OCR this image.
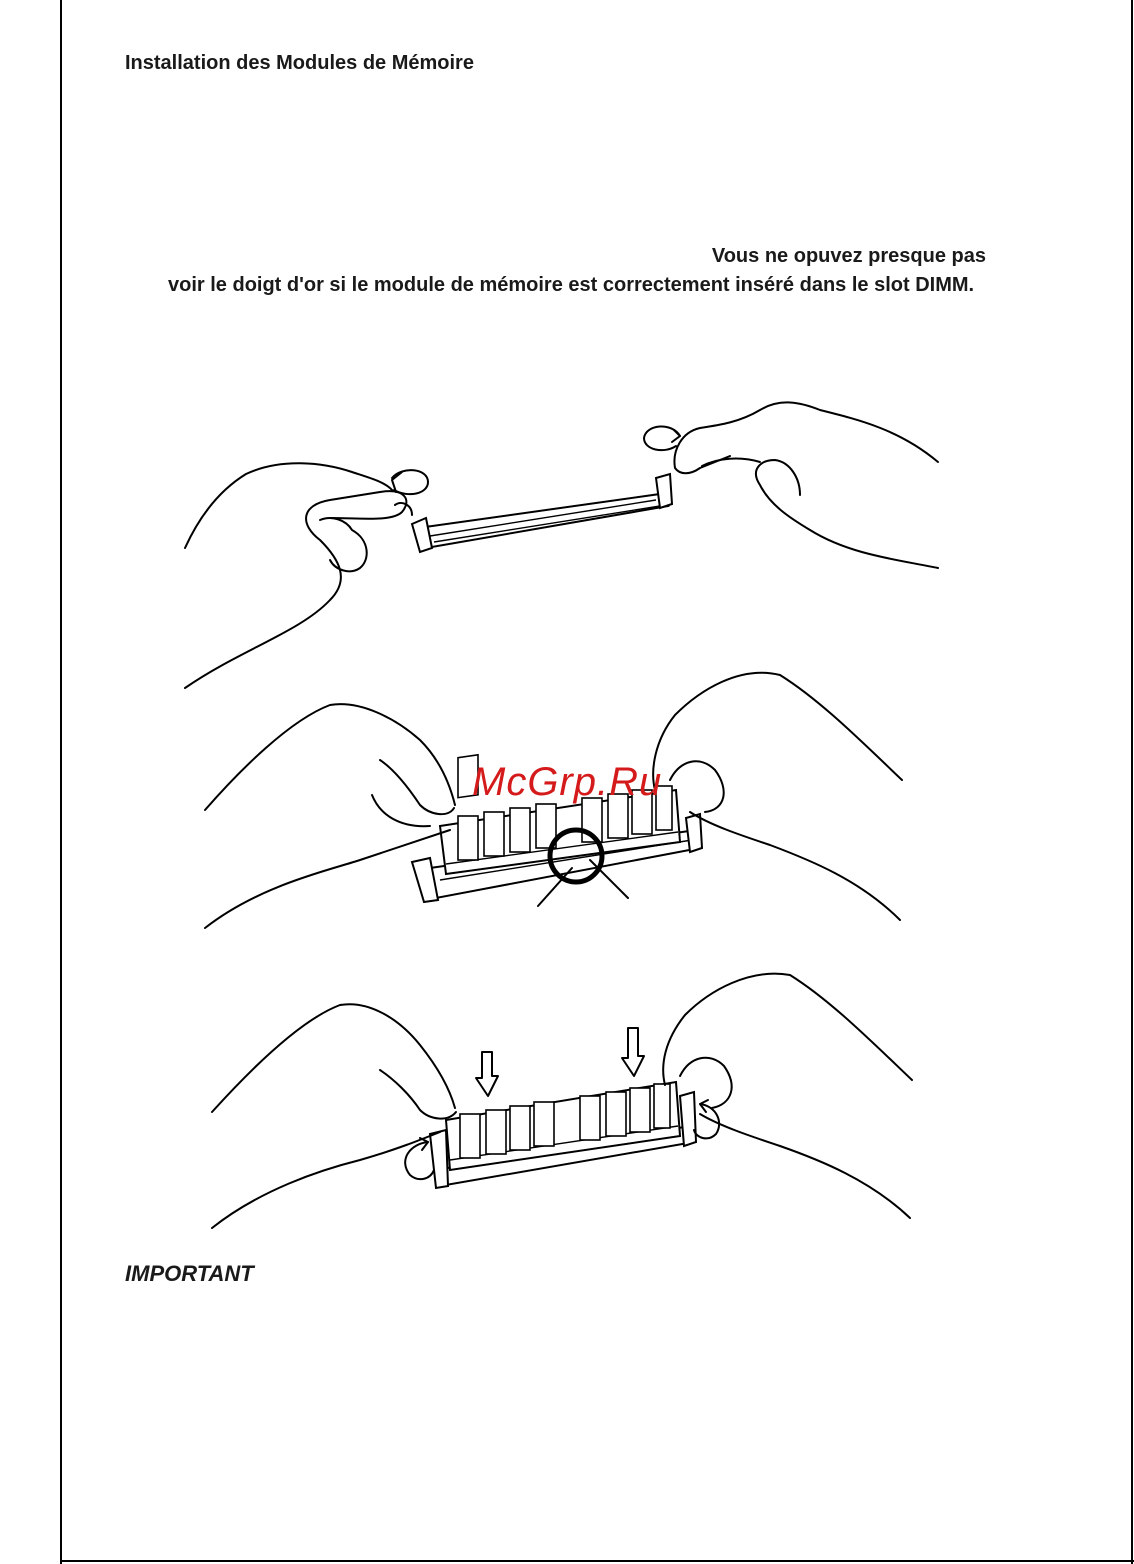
Installation des Modules de Mémoire
Vous ne opuvez presque pas
voir le doigt d'or si le module de mémoire est correctement inséré dans le slot DIMM.
McGrp.Ru
IMPORTANT
